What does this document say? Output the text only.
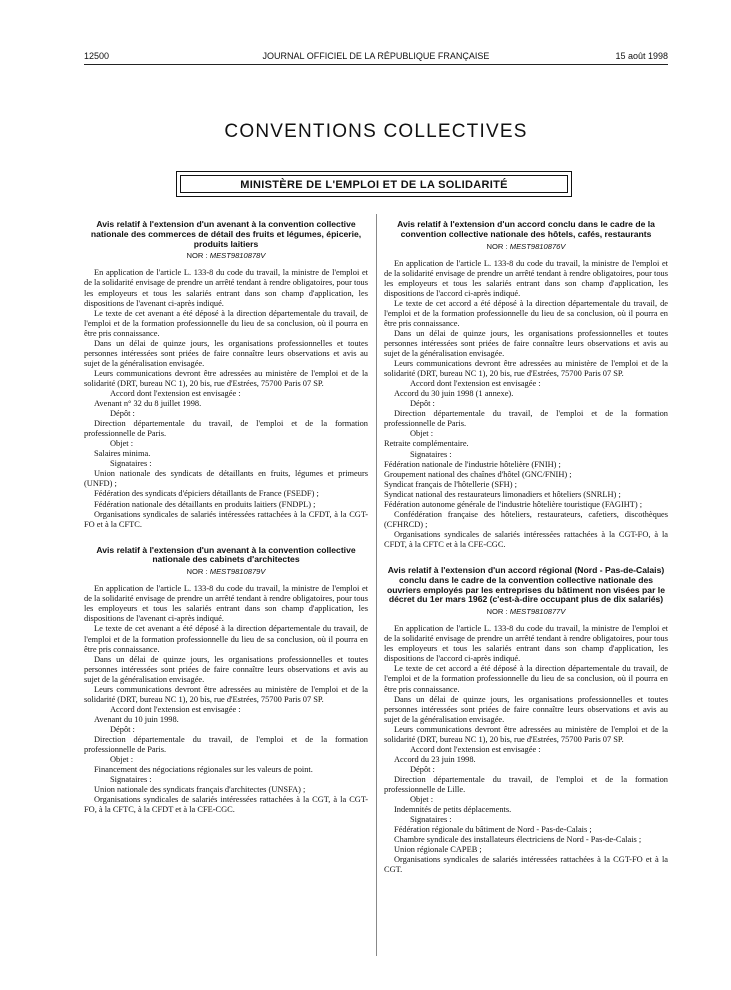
12500	JOURNAL OFFICIEL DE LA RÉPUBLIQUE FRANÇAISE	15 août 1998
CONVENTIONS COLLECTIVES
MINISTÈRE DE L'EMPLOI ET DE LA SOLIDARITÉ
Avis relatif à l'extension d'un avenant à la convention collective nationale des commerces de détail des fruits et légumes, épicerie, produits laitiers
NOR : MEST9810878V

En application de l'article L. 133-8 du code du travail, la ministre de l'emploi et de la solidarité envisage de prendre un arrêté tendant à rendre obligatoires, pour tous les employeurs et tous les salariés entrant dans son champ d'application, les dispositions de l'avenant ci-après indiqué.

Le texte de cet avenant a été déposé à la direction départementale du travail, de l'emploi et de la formation professionnelle du lieu de sa conclusion, où il pourra en être pris connaissance.

Dans un délai de quinze jours, les organisations professionnelles et toutes personnes intéressées sont priées de faire connaître leurs observations et avis au sujet de la généralisation envisagée.

Leurs communications devront être adressées au ministère de l'emploi et de la solidarité (DRT, bureau NC 1), 20 bis, rue d'Estrées, 75700 Paris 07 SP.

Accord dont l'extension est envisagée :

Avenant n° 32 du 8 juillet 1998.

Dépôt :

Direction départementale du travail, de l'emploi et de la formation professionnelle de Paris.

Objet :

Salaires minima.

Signataires :

Union nationale des syndicats de détaillants en fruits, légumes et primeurs (UNFD) ;

Fédération des syndicats d'épiciers détaillants de France (FSEDF) ;

Fédération nationale des détaillants en produits laitiers (FNDPL) ;

Organisations syndicales de salariés intéressées rattachées à la CFDT, à la CGT-FO et à la CFTC.

Avis relatif à l'extension d'un avenant à la convention collective nationale des cabinets d'architectes
NOR : MEST9810879V

En application de l'article L. 133-8 du code du travail, la ministre de l'emploi et de la solidarité envisage de prendre un arrêté tendant à rendre obligatoires, pour tous les employeurs et tous les salariés entrant dans son champ d'application, les dispositions de l'avenant ci-après indiqué.

Le texte de cet avenant a été déposé à la direction départementale du travail, de l'emploi et de la formation professionnelle du lieu de sa conclusion, où il pourra en être pris connaissance.

Dans un délai de quinze jours, les organisations professionnelles et toutes personnes intéressées sont priées de faire connaître leurs observations et avis au sujet de la généralisation envisagée.

Leurs communications devront être adressées au ministère de l'emploi et de la solidarité (DRT, bureau NC 1), 20 bis, rue d'Estrées, 75700 Paris 07 SP.

Accord dont l'extension est envisagée :

Avenant du 10 juin 1998.

Dépôt :

Direction départementale du travail, de l'emploi et de la formation professionnelle de Paris.

Objet :

Financement des négociations régionales sur les valeurs de point.

Signataires :

Union nationale des syndicats français d'architectes (UNSFA) ;

Organisations syndicales de salariés intéressées rattachées à la CGT, à la CGT-FO, à la CFTC, à la CFDT et à la CFE-CGC.

Avis relatif à l'extension d'un accord conclu dans le cadre de la convention collective nationale des hôtels, cafés, restaurants
NOR : MEST9810876V

En application de l'article L. 133-8 du code du travail, la ministre de l'emploi et de la solidarité envisage de prendre un arrêté tendant à rendre obligatoires, pour tous les employeurs et tous les salariés entrant dans son champ d'application, les dispositions de l'accord ci-après indiqué.

Le texte de cet accord a été déposé à la direction départementale du travail, de l'emploi et de la formation professionnelle du lieu de sa conclusion, où il pourra en être pris connaissance.

Dans un délai de quinze jours, les organisations professionnelles et toutes personnes intéressées sont priées de faire connaître leurs observations et avis au sujet de la généralisation envisagée.

Leurs communications devront être adressées au ministère de l'emploi et de la solidarité (DRT, bureau NC 1), 20 bis, rue d'Estrées, 75700 Paris 07 SP.

Accord dont l'extension est envisagée :

Accord du 30 juin 1998 (1 annexe).

Dépôt :

Direction départementale du travail, de l'emploi et de la formation professionnelle de Paris.

Objet :

Retraite complémentaire.

Signataires :

Fédération nationale de l'industrie hôtelière (FNIH) ;

Groupement national des chaînes d'hôtel (GNC/FNIH) ;

Syndicat français de l'hôtellerie (SFH) ;

Syndicat national des restaurateurs limonadiers et hôteliers (SNRLH) ;

Fédération autonome générale de l'industrie hôtelière touristique (FAGIHT) ;

Confédération française des hôteliers, restaurateurs, cafetiers, discothèques (CFHRCD) ;

Organisations syndicales de salariés intéressées rattachées à la CGT-FO, à la CFDT, à la CFTC et à la CFE-CGC.

Avis relatif à l'extension d'un accord régional (Nord - Pas-de-Calais) conclu dans le cadre de la convention collective nationale des ouvriers employés par les entreprises du bâtiment non visées par le décret du 1er mars 1962 (c'est-à-dire occupant plus de dix salariés)
NOR : MEST9810877V

En application de l'article L. 133-8 du code du travail, la ministre de l'emploi et de la solidarité envisage de prendre un arrêté tendant à rendre obligatoires, pour tous les employeurs et tous les salariés entrant dans son champ d'application, les dispositions de l'accord ci-après indiqué.

Le texte de cet accord a été déposé à la direction départementale du travail, de l'emploi et de la formation professionnelle du lieu de sa conclusion, où il pourra en être pris connaissance.

Dans un délai de quinze jours, les organisations professionnelles et toutes personnes intéressées sont priées de faire connaître leurs observations et avis au sujet de la généralisation envisagée.

Leurs communications devront être adressées au ministère de l'emploi et de la solidarité (DRT, bureau NC 1), 20 bis, rue d'Estrées, 75700 Paris 07 SP.

Accord dont l'extension est envisagée :

Accord du 23 juin 1998.

Dépôt :

Direction départementale du travail, de l'emploi et de la formation professionnelle de Lille.

Objet :

Indemnités de petits déplacements.

Signataires :

Fédération régionale du bâtiment de Nord - Pas-de-Calais ;

Chambre syndicale des installateurs électriciens de Nord - Pas-de-Calais ;

Union régionale CAPEB ;

Organisations syndicales de salariés intéressées rattachées à la CGT-FO et à la CGT.
